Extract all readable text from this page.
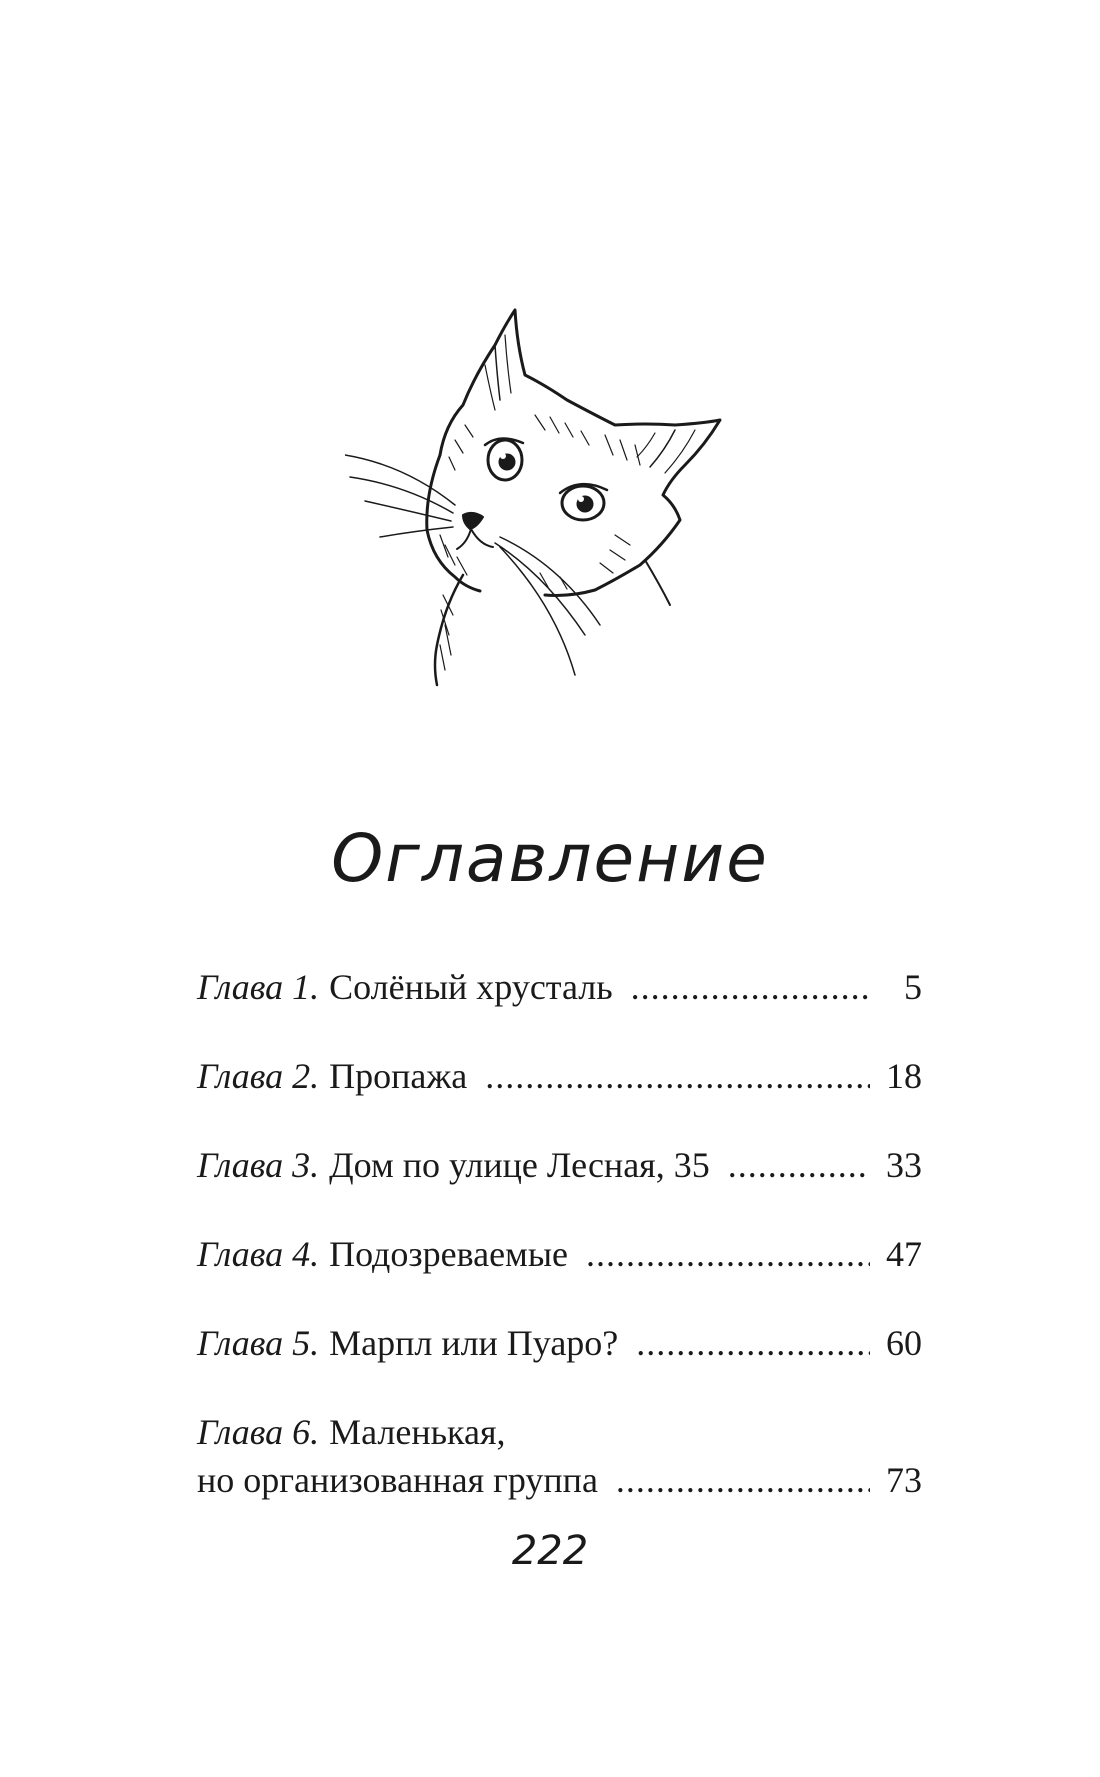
Оглавление
Глава 1. Солёный хрусталь .....	5
Глава 2. Пропажа .....	18
Глава 3. Дом по улице Лесная, 35 .....	33
Глава 4. Подозреваемые .....	47
Глава 5. Марпл или Пуаро? .....	60
Глава 6. Маленькая,
но организованная группа .....	73
222
